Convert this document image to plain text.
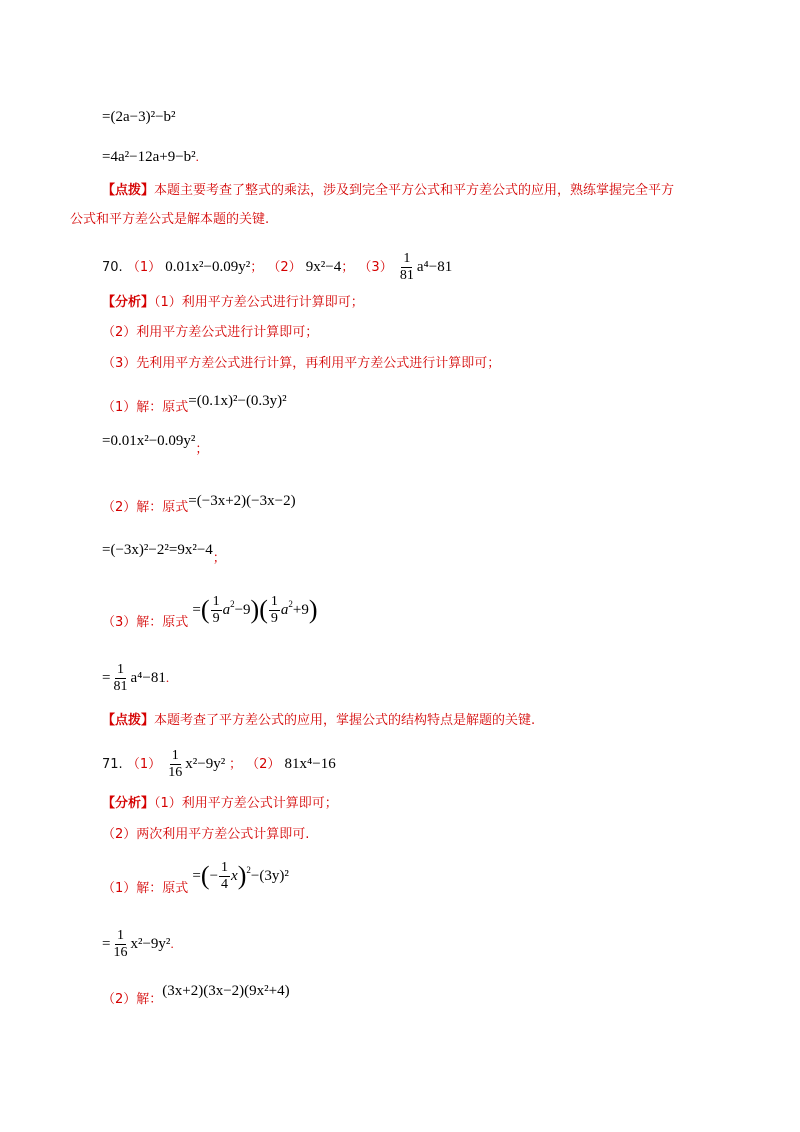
=(2a−3)²−b²
=4a²−12a+9−b².
【点拨】本题主要考查了整式的乘法，涉及到完全平方公式和平方差公式的应用，熟练掌握完全平方
公式和平方差公式是解本题的关键.
70. （1） 0.01x²−0.09y²； （2） 9x²−4； $(3) \frac{1}{81} a^4-81$
【分析】（1）利用平方差公式进行计算即可；
（2）利用平方差公式进行计算即可；
（3）先利用平方差公式进行计算，再利用平方差公式进行计算即可；
（1）解：原式=(0.1x)²−(0.3y)²
=0.01x²−0.09y²；
（2）解：原式=(−3x+2)(−3x−2)
=(−3x)²−2²=9x²−4；
（3）解：原式 =( $\frac{1}{9} a^2-9)( \frac{1}{9} a^2+9)$
= $\frac{1}{81} a^4-81$.
【点拨】本题考查了平方差公式的应用，掌握公式的结构特点是解题的关键.
71. $(1) \frac{1}{16} x^2-9y^2$ ； （2） 81x⁴−16
【分析】（1）利用平方差公式计算即可；
（2）两次利用平方差公式计算即可.
（1）解：原式 =(− $\frac{1}{4} x)^2-(3y)^2$
= $\frac{1}{16} x^2-9y^2$.
（2）解：(3x+2)(3x−2)(9x²+4)
